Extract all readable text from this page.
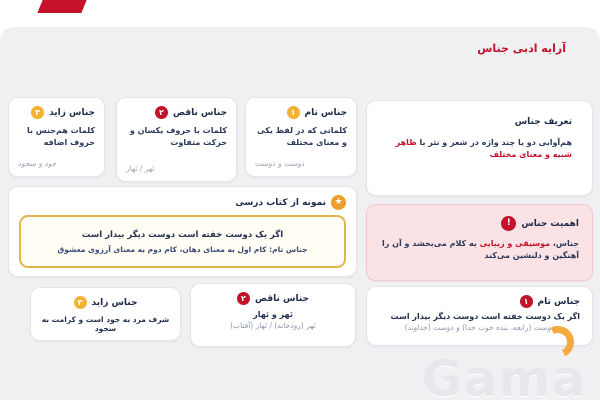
آرایه ادبی جناس
جناس تام
۱
کلماتی که در لفظ یکی و معنای مختلف
دوست و دوست
جناس ناقص
۲
کلمات با حروف یکسان و حرکت متفاوت
نَهر / نَهار
جناس زاید
۳
کلمات هم‌جنس با حروف اضافه
جود و سجود
★
نمونه از کتاب درسی
اگر یک دوست خفته است دوست دیگر بیدار است
جناس تام: کام اول به معنای دهان، کام دوم به معنای آرزوی معشوق
تعریف جناس
هم‌آوایی دو یا چند واژه در شعر و نثر با ظاهر شبیه و معنای مختلف
اهمیت جناس
!
جناس، موسیقی و زیبایی به کلام می‌بخشد و آن را آهنگین و دلنشین می‌کند
جناس تام
۱
اگر یک دوست خفته است دوست دیگر بیدار است
دوست (رابعه، بنده خوب خدا) و دوست (خداوند)
جناس ناقص
۲
نَهر و نَهار
نَهر (رودخانه) / نَهار (آفتاب)
جناس زاید
۳
شرف مرد به جود است و کرامت به سجود
Gama
